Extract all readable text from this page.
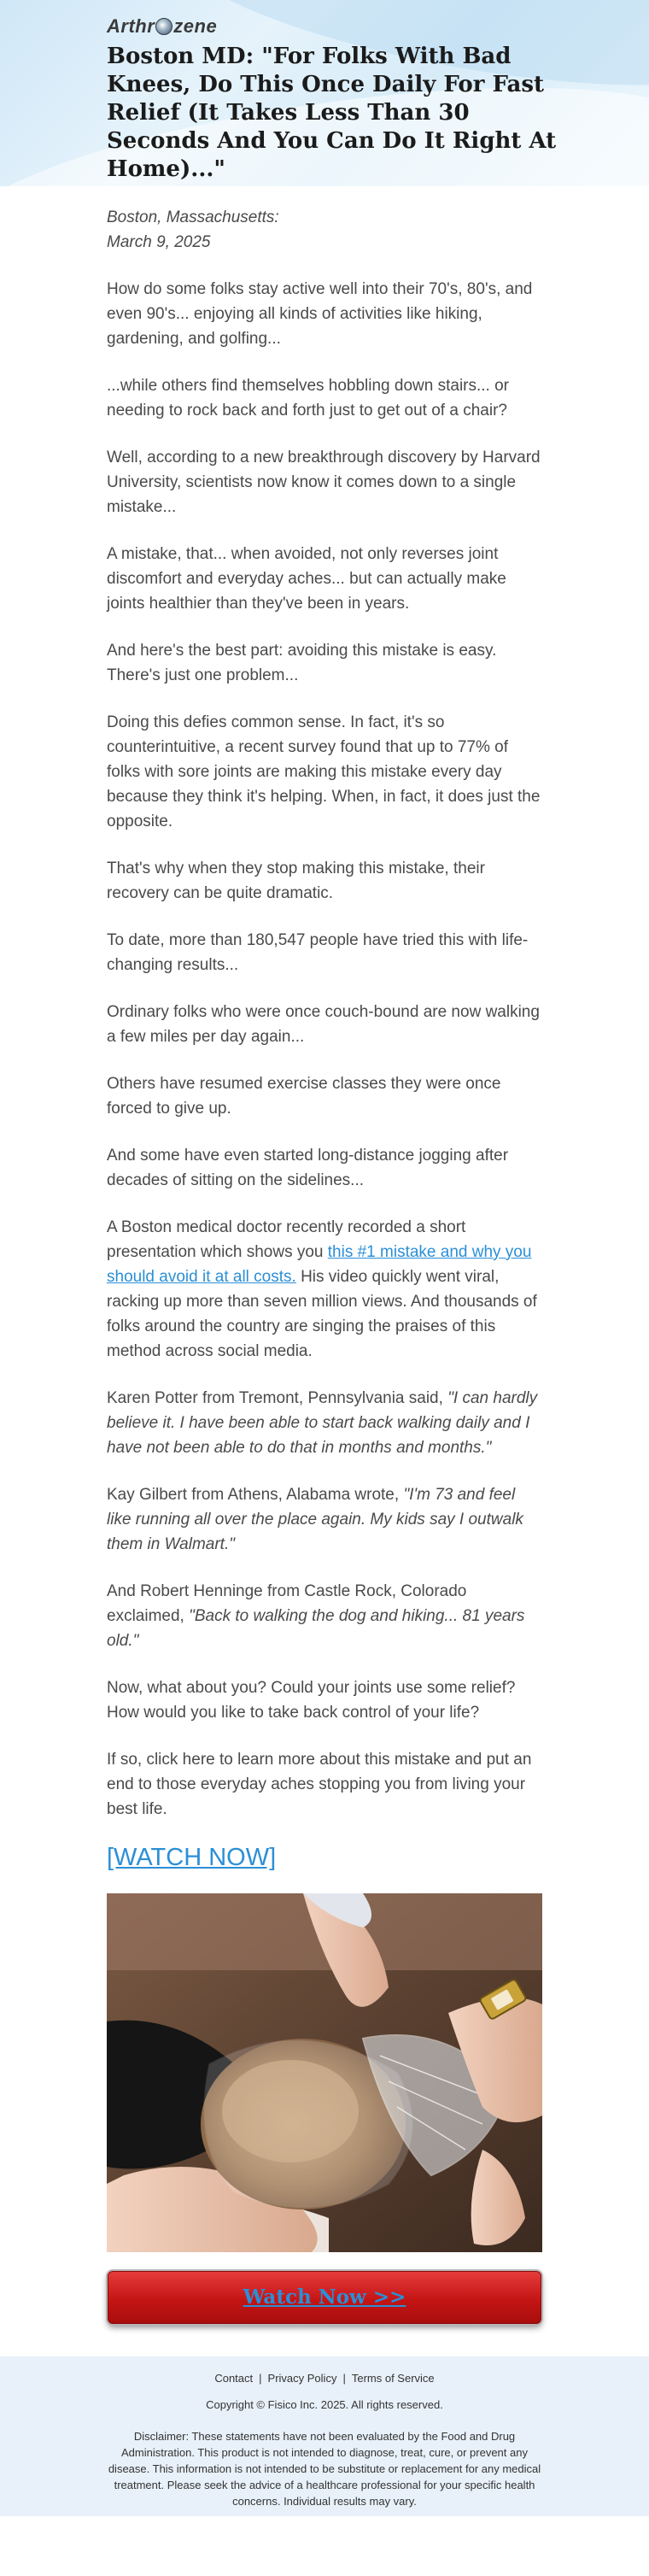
Arthr zene
Boston MD: "For Folks With Bad Knees, Do This Once Daily For Fast Relief (It Takes Less Than 30 Seconds And You Can Do It Right At Home)..."

Boston, Massachusetts:
March 9, 2025

How do some folks stay active well into their 70's, 80's, and even 90's... enjoying all kinds of activities like hiking, gardening, and golfing...

...while others find themselves hobbling down stairs... or needing to rock back and forth just to get out of a chair?

Well, according to a new breakthrough discovery by Harvard University, scientists now know it comes down to a single mistake...

A mistake, that... when avoided, not only reverses joint discomfort and everyday aches... but can actually make joints healthier than they've been in years.

And here's the best part: avoiding this mistake is easy. There's just one problem...

Doing this defies common sense. In fact, it's so counterintuitive, a recent survey found that up to 77% of folks with sore joints are making this mistake every day because they think it's helping. When, in fact, it does just the opposite.

That's why when they stop making this mistake, their recovery can be quite dramatic.

To date, more than 180,547 people have tried this with life-changing results...

Ordinary folks who were once couch-bound are now walking a few miles per day again...

Others have resumed exercise classes they were once forced to give up.

And some have even started long-distance jogging after decades of sitting on the sidelines...

A Boston medical doctor recently recorded a short presentation which shows you this #1 mistake and why you should avoid it at all costs. His video quickly went viral, racking up more than seven million views. And thousands of folks around the country are singing the praises of this method across social media.

Karen Potter from Tremont, Pennsylvania said, "I can hardly believe it. I have been able to start back walking daily and I have not been able to do that in months and months."

Kay Gilbert from Athens, Alabama wrote, "I'm 73 and feel like running all over the place again. My kids say I outwalk them in Walmart."

And Robert Henninge from Castle Rock, Colorado exclaimed, "Back to walking the dog and hiking... 81 years old."

Now, what about you? Could your joints use some relief? How would you like to take back control of your life?

If so, click here to learn more about this mistake and put an end to those everyday aches stopping you from living your best life.

[WATCH NOW]
Watch Now >>
Contact | Privacy Policy | Terms of Service
Copyright © Fisico Inc. 2025. All rights reserved.
Disclaimer: These statements have not been evaluated by the Food and Drug Administration. This product is not intended to diagnose, treat, cure, or prevent any disease. This information is not intended to be substitute or replacement for any medical treatment. Please seek the advice of a healthcare professional for your specific health concerns. Individual results may vary.
